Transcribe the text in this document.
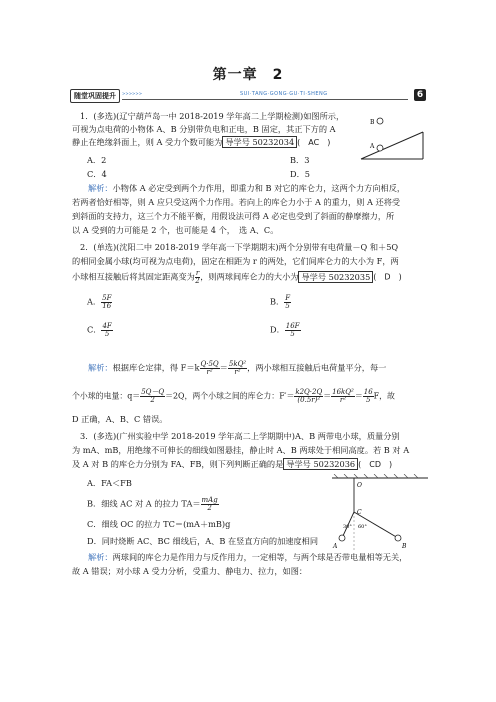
第一章　2
随堂巩固提升	>>>>>>	SUI·TANG·GONG·GU·TI·SHENG	6
1．(多选)(辽宁葫芦岛一中 2018-2019 学年高二上学期检测)如图所示，
可视为点电荷的小物体 A、B 分别带负电和正电，B 固定，其正下方的 A
静止在绝缘斜面上，则 A 受力个数可能为 导学号 50232034 (　AC　)
B
A
A．2	B．3
C．4	D．5
解析：小物体 A 必定受到两个力作用，即重力和 B 对它的库仑力，这两个力方向相反，
若两者恰好相等，则 A 应只受这两个力作用。若向上的库仑力小于 A 的重力，则 A 还将受
到斜面的支持力，这三个力不能平衡，用假设法可得 A 必定也受到了斜面的静摩擦力，所
以 A 受到的力可能是 2 个，也可能是 4 个，　选 A、C。
2．(单选)(沈阳二中 2018-2019 学年高一下学期期末)两个分别带有电荷量－Q 和＋5Q
的相同金属小球(均可视为点电荷)，固定在相距为 r 的两处，它们间库仑力的大小为 F，两
小球相互接触后将其固定距离变为 $\frac{r}{2}$ ，则两球间库仑力的大小为 导学号 50232035 (　D　)
A． $\frac{5F}{16}$	B． $\frac{F}{5}$
C． $\frac{4F}{5}$	D． $\frac{16F}{5}$
解析：根据库仑定律，得 $F=k \frac{Q\cdot 5Q}{\text{r²}} = \frac{\text{5kQ²}}{\text{r²}}$ ，两小球相互接触后电荷量平分，每一
个小球的电量：$q= \frac{5Q-Q}{2} =2Q$，两个小球之间的库仑力：$F'= \frac{k2Q\cdot 2Q}{\text{(0.5r)²}} = \frac{\text{16kQ²}}{\text{r²}} = \frac{16}{5}$ F，故
D 正确，A、B、C 错误。
3．(多选)(广州实验中学 2018-2019 学年高二上学期期中)A、B 两带电小球，质量分别
为 mA、mB，用绝缘不可伸长的细线如图悬挂，静止时 A、B 两球处于相同高度。若 B 对 A
及 A 对 B 的库仑力分别为 FA、FB，则下列判断正确的是 导学号 50232036 (　CD　)
A．FA＜FB
B．细线 AC 对 A 的拉力 $TA= \frac{\text{mAg}}{2}$
C．细线 OC 的拉力 TC＝(mA＋mB)g
D．同时烧断 AC、BC 细线后，A、B 在竖直方向的加速度相同
O
C
30° 60°
A	B
解析：两球间的库仑力是作用力与反作用力，一定相等，与两个球是否带电量相等无关，
故 A 错误；对小球 A 受力分析，受重力、静电力、拉力，如图：
